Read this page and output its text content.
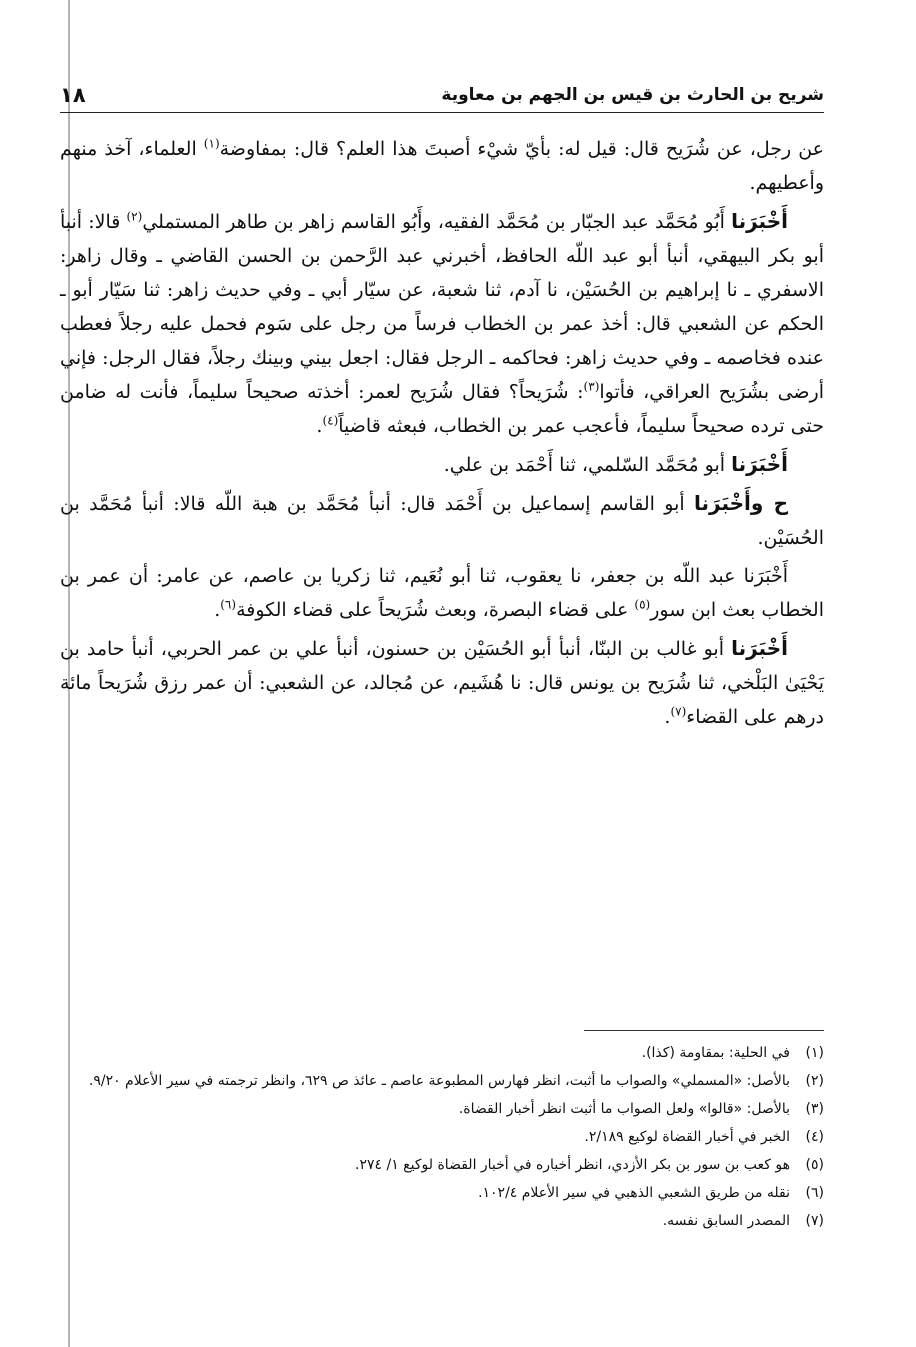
شريح بن الحارث بن قيس بن الجهم بن معاوية
١٨

عن رجل، عن شُرَيح قال: قيل له: بأيّ شيْء أصبتَ هذا العلم؟ قال: بمفاوضة$^{(١)}$ العلماء، آخذ منهم وأعطيهم.

أَخْبَرَنا أَبُو مُحَمَّد عبد الجبّار بن مُحَمَّد الفقيه، وأَبُو القاسم زاهر بن طاهر المستملي$^{(٢)}$ قالا: أنبأ أبو بكر البيهقي، أنبأ أبو عبد اللّه الحافظ، أخبرني عبد الرَّحمن بن الحسن القاضي ـ وقال زاهر: الاسفري ـ نا إبراهيم بن الحُسَيْن، نا آدم، ثنا شعبة، عن سيّار أبي ـ وفي حديث زاهر: ثنا سَيّار أبو ـ الحكم عن الشعبي قال: أخذ عمر بن الخطاب فرساً من رجل على سَوم فحمل عليه رجلاً فعطب عنده فخاصمه ـ وفي حديث زاهر: فحاكمه ـ الرجل فقال: اجعل بيني وبينك رجلاً، فقال الرجل: فإني أرضى بشُرَيح العراقي، فأتوا$^{(٣)}$: شُرَيحاً؟ فقال شُرَيح لعمر: أخذته صحيحاً سليماً، فأنت له ضامن حتى ترده صحيحاً سليماً، فأعجب عمر بن الخطاب، فبعثه قاضياً$^{(٤)}$.

أَخْبَرَنا أبو مُحَمَّد السّلمي، ثنا أَحْمَد بن علي.

ح وأَخْبَرَنا أبو القاسم إسماعيل بن أَحْمَد قال: أنبأ مُحَمَّد بن هبة اللّه قالا: أنبأ مُحَمَّد بن الحُسَيْن.

أَخْبَرَنا عبد اللّه بن جعفر، نا يعقوب، ثنا أبو نُعَيم، ثنا زكريا بن عاصم، عن عامر: أن عمر بن الخطاب بعث ابن سور$^{(٥)}$ على قضاء البصرة، وبعث شُرَيحاً على قضاء الكوفة$^{(٦)}$.

أَخْبَرَنا أبو غالب بن البنّا، أنبأ أبو الحُسَيْن بن حسنون، أنبأ علي بن عمر الحربي، أنبأ حامد بن يَحْيَىٰ البَلْخي، ثنا شُرَيح بن يونس قال: نا هُشَيم، عن مُجالد، عن الشعبي: أن عمر رزق شُرَيحاً مائة درهم على القضاء$^{(٧)}$.

(١)
في الحلية: بمقاومة (كذا).
(٢)
بالأصل: «المسملي» والصواب ما أثبت، انظر فهارس المطبوعة عاصم ـ عائذ ص ٦٢٩، وانظر ترجمته في سير الأعلام ٩/٢٠.
(٣)
بالأصل: «قالوا» ولعل الصواب ما أثبت انظر أخبار القضاة.
(٤)
الخبر في أخبار القضاة لوكيع ٢/١٨٩.
(٥)
هو كعب بن سور بن بكر الأزدي، انظر أخباره في أخبار القضاة لوكيع ١/ ٢٧٤.
(٦)
نقله من طريق الشعبي الذهبي في سير الأعلام ١٠٢/٤.
(٧)
المصدر السابق نفسه.
